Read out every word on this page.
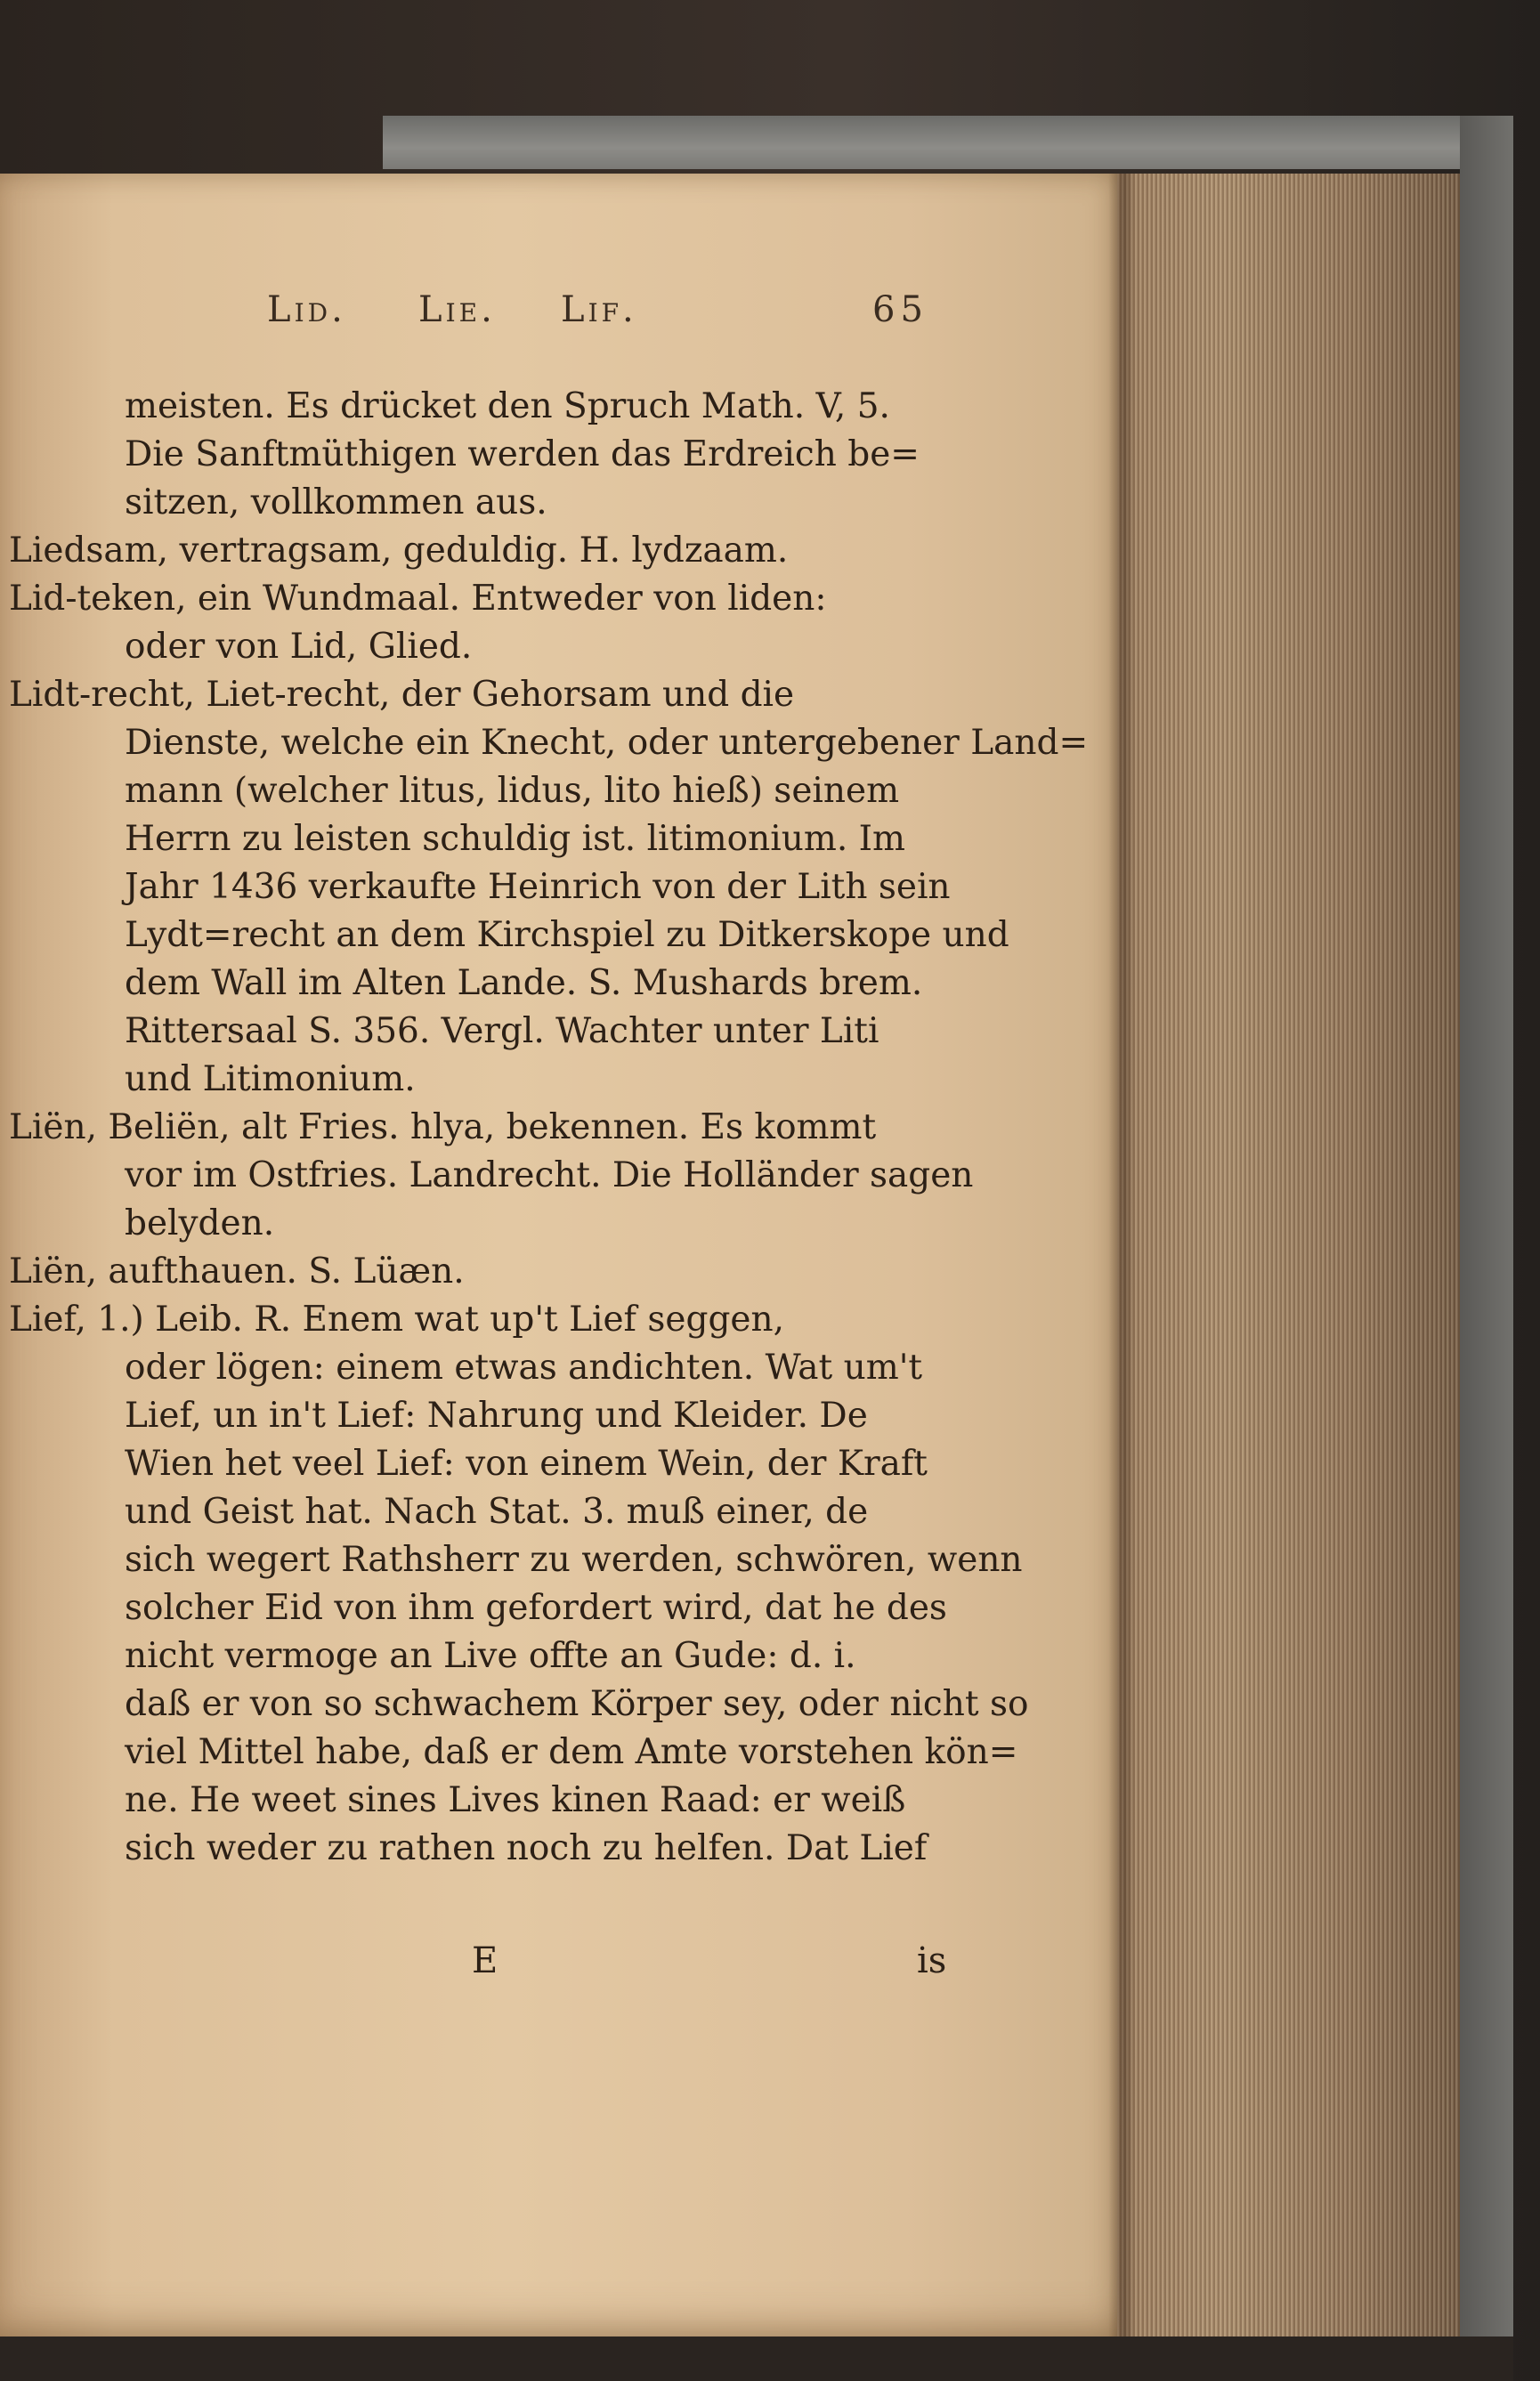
Lid. Lie. Lif.	65
meisten. Es drücket den Spruch Math. V, 5.
Die Sanftmüthigen werden das Erdreich be=
sitzen, vollkommen aus.
Liedsam, vertragsam, geduldig. H. lydzaam.
Lid-teken, ein Wundmaal. Entweder von liden:
oder von Lid, Glied.
Lidt-recht, Liet-recht, der Gehorsam und die
Dienste, welche ein Knecht, oder untergebener Land=
mann (welcher litus, lidus, lito hieß) seinem
Herrn zu leisten schuldig ist. litimonium. Im
Jahr 1436 verkaufte Heinrich von der Lith sein
Lydt=recht an dem Kirchspiel zu Ditkerskope und
dem Wall im Alten Lande. S. Mushards brem.
Rittersaal S. 356. Vergl. Wachter unter Liti
und Litimonium.
Liën, Beliën, alt Fries. hlya, bekennen. Es kommt
vor im Ostfries. Landrecht. Die Holländer sagen
belyden.
Liën, aufthauen. S. Lüæn.
Lief, 1.) Leib. R. Enem wat up't Lief seggen,
oder lögen: einem etwas andichten. Wat um't
Lief, un in't Lief: Nahrung und Kleider. De
Wien het veel Lief: von einem Wein, der Kraft
und Geist hat. Nach Stat. 3. muß einer, de
sich wegert Rathsherr zu werden, schwören, wenn
solcher Eid von ihm gefordert wird, dat he des
nicht vermoge an Live offte an Gude: d. i.
daß er von so schwachem Körper sey, oder nicht so
viel Mittel habe, daß er dem Amte vorstehen kön=
ne. He weet sines Lives kinen Raad: er weiß
sich weder zu rathen noch zu helfen. Dat Lief
E	is
